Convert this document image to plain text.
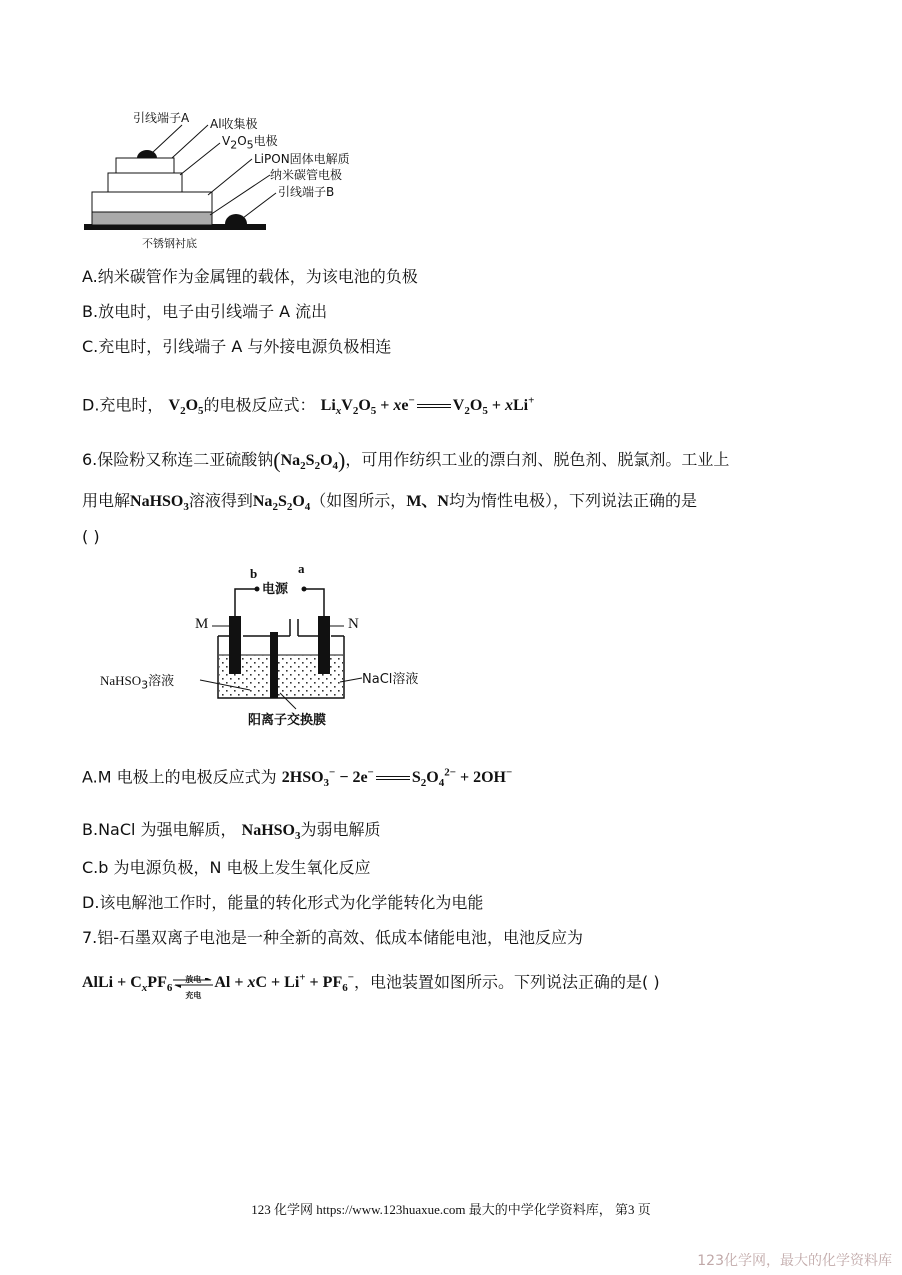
引线端子A Al收集极
$V_2O_5$电极
LiPON固体电解质
纳米碳管电极
引线端子B
不锈钢衬底
A.纳米碳管作为金属锂的载体，为该电池的负极
B.放电时，电子由引线端子 A 流出
C.充电时，引线端子 A 与外接电源负极相连
D.充电时， $V_2O_5$的电极反应式： $Li_xV_2O_5 + xe^-$ $V_2O_5 + xLi^+$
6.保险粉又称连二亚硫酸钠$(Na_2S_2O_4)$，可用作纺织工业的漂白剂、脱色剂、脱氯剂。工业上
用电解NaHSO$_3$溶液得到$Na_2S_2O_4$（如图所示，M、N均为惰性电极），下列说法正确的是
( )
b	a
电源
M	N
NaHSO$_3$溶液	NaCl溶液
阳离子交换膜
A.M 电极上的电极反应式为 $2HSO_3^- - 2e^-$ $S_2O_4^{2-} + 2OH^-$
B.NaCl 为强电解质， NaHSO$_3$为弱电解质
C.b 为电源负极，N 电极上发生氧化反应
D.该电解池工作时，能量的转化形式为化学能转化为电能
7.铝-石墨双离子电池是一种全新的高效、低成本储能电池，电池反应为
AlLi + $C_xPF_6$
放电
充电
Al + xC + $Li^+ + PF_6^-$，电池装置如图所示。下列说法正确的是( )
123 化学网 https://www.123huaxue.com 最大的中学化学资料库， 第3 页
123化学网，最大的化学资料库
